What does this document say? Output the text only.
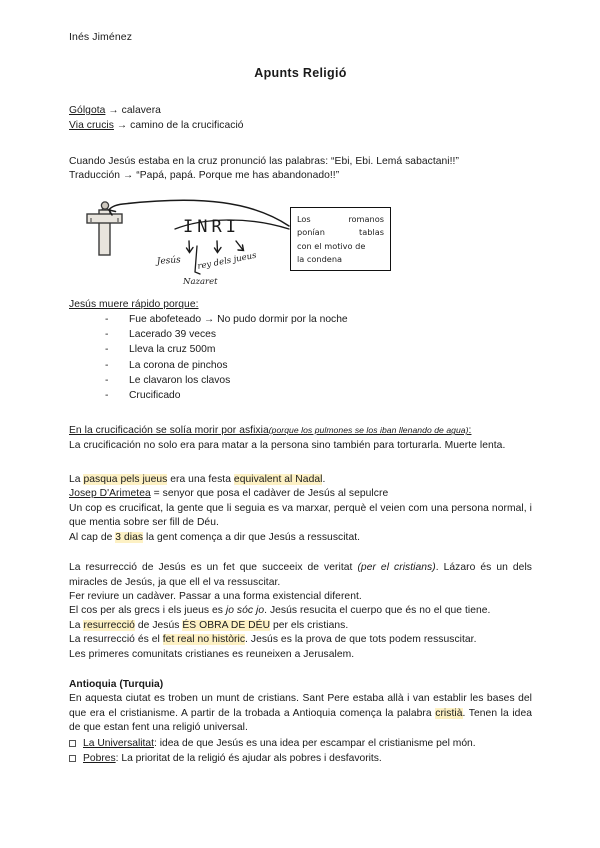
Inés Jiménez
Apunts Religió
Gólgota → calavera
Via crucis → camino de la crucificació
Cuando Jesús estaba en la cruz pronunció las palabras: “Ebi, Ebi. Lemá sabactani!!”
Traducción → “Papá, papá. Porque me has abandonado!!”
INRI
Jesús rey dels jueus
Nazaret
Los	romanos
ponían	tablas
con el motivo de
la condena
Jesús muere rápido porque:
- Fue abofeteado → No pudo dormir por la noche
- Lacerado 39 veces
- Lleva la cruz 500m
- La corona de pinchos
- Le clavaron los clavos
- Crucificado
En la crucificación se solía morir por asfixia(porque los pulmones se los iban llenando de agua):
La crucificación no solo era para matar a la persona sino también para torturarla. Muerte lenta.
La pasqua pels jueus era una festa equivalent al Nadal.
Josep D'Arimetea = senyor que posa el cadàver de Jesús al sepulcre
Un cop es crucificat, la gente que li seguia es va marxar, perquè el veien com una persona normal, i que mentia sobre ser fill de Déu.
Al cap de 3 dias la gent comença a dir que Jesús a ressuscitat.
La resurrecció de Jesús es un fet que succeeix de veritat (per el cristians). Lázaro és un dels miracles de Jesús, ja que ell el va ressuscitar.
Fer reviure un cadàver. Passar a una forma existencial diferent.
El cos per als grecs i els jueus es jo sóc jo. Jesús resucita el cuerpo que és no el que tiene.
La resurrecció de Jesús ÉS OBRA DE DÉU per els cristians.
La resurrecció és el fet real no històric. Jesús es la prova de que tots podem ressuscitar.
Les primeres comunitats cristianes es reuneixen a Jerusalem.
Antioquia (Turquia)
En aquesta ciutat es troben un munt de cristians. Sant Pere estaba allà i van establir les bases del que era el cristianisme. A partir de la trobada a Antioquia comença la palabra cristià. Tenen la idea de que estan fent una religió universal.
La Universalitat: idea de que Jesús es una idea per escampar el cristianisme pel món.
Pobres: La prioritat de la religió és ajudar als pobres i desfavorits.
